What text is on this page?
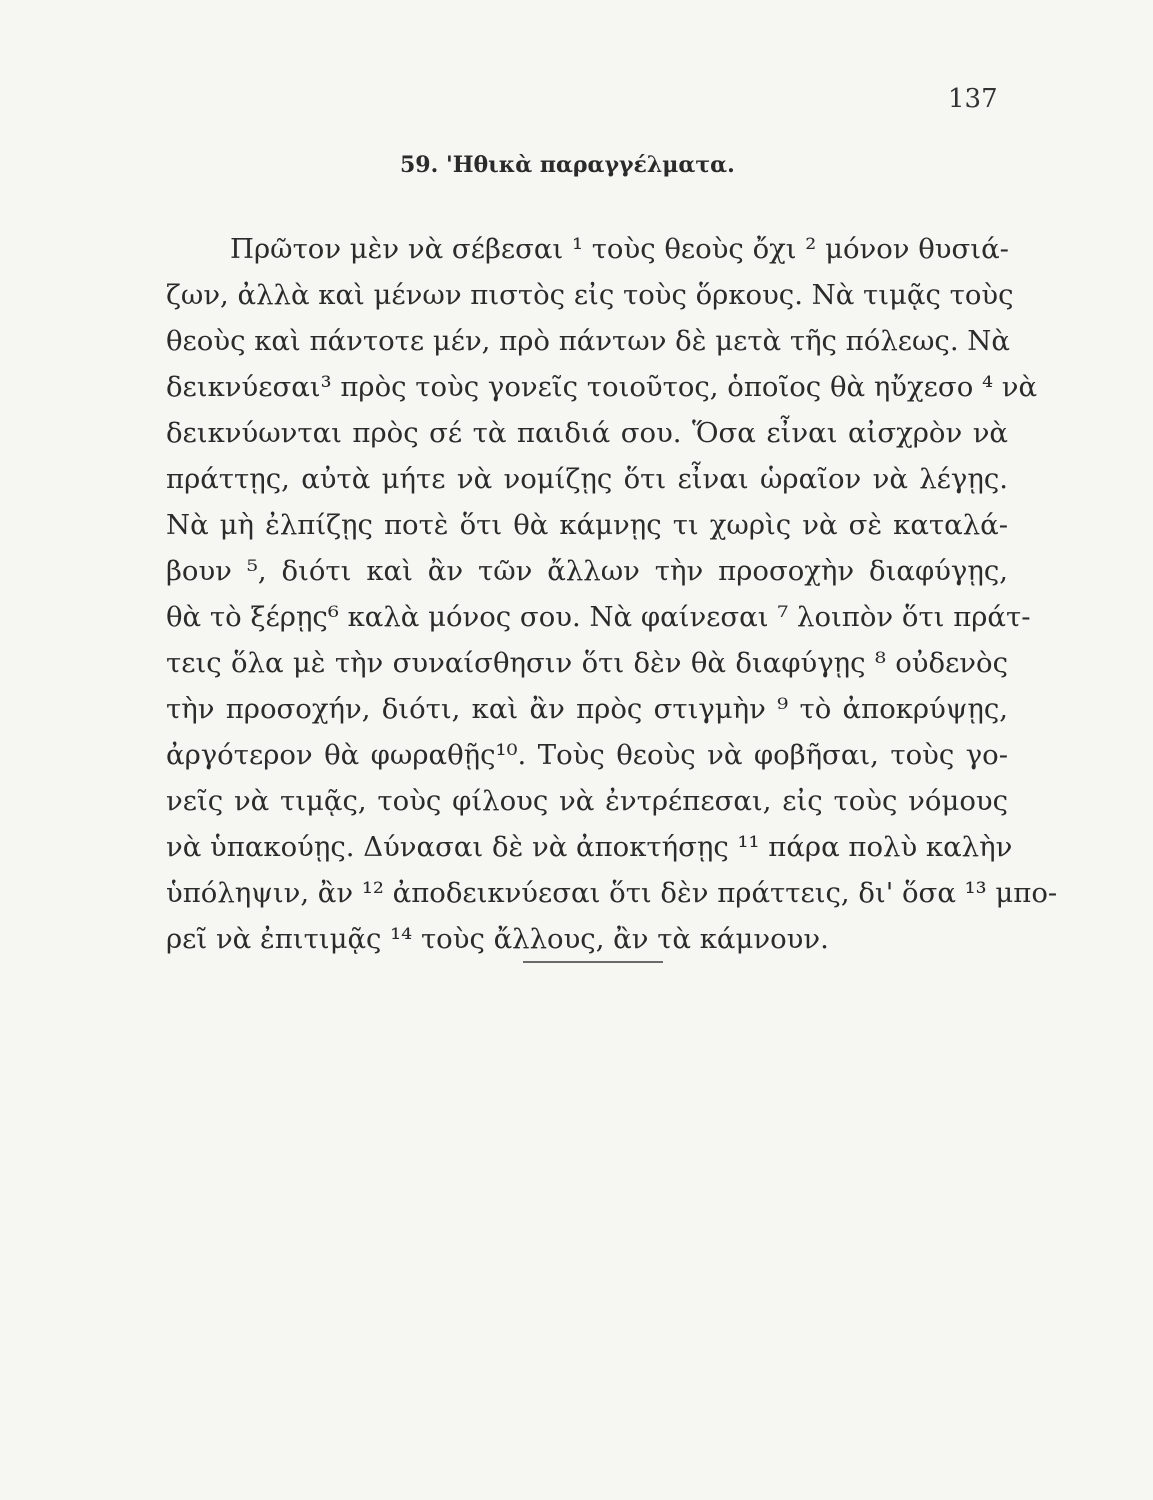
137
59. 'Ηθικὰ παραγγέλματα.
Πρῶτον μὲν νὰ σέβεσαι ¹ τοὺς θεοὺς ὄχι ² μόνον θυσιά-
ζων, ἀλλὰ καὶ μένων πιστὸς εἰς τοὺς ὅρκους. Νὰ τιμᾷς τοὺς
θεοὺς καὶ πάντοτε μέν, πρὸ πάντων δὲ μετὰ τῆς πόλεως. Νὰ
δεικνύεσαι³ πρὸς τοὺς γονεῖς τοιοῦτος, ὁποῖος θὰ ηὔχεσο ⁴ νὰ
δεικνύωνται πρὸς σέ τὰ παιδιά σου. Ὅσα εἶναι αἰσχρὸν νὰ
πράττῃς, αὐτὰ μήτε νὰ νομίζῃς ὅτι εἶναι ὡραῖον νὰ λέγῃς.
Νὰ μὴ ἐλπίζῃς ποτὲ ὅτι θὰ κάμνῃς τι χωρὶς νὰ σὲ καταλά-
βουν ⁵, διότι καὶ ἂν τῶν ἄλλων τὴν προσοχὴν διαφύγῃς,
θὰ τὸ ξέρῃς⁶ καλὰ μόνος σου. Νὰ φαίνεσαι ⁷ λοιπὸν ὅτι πράτ-
τεις ὅλα μὲ τὴν συναίσθησιν ὅτι δὲν θὰ διαφύγῃς ⁸ οὐδενὸς
τὴν προσοχήν, διότι, καὶ ἂν πρὸς στιγμὴν ⁹ τὸ ἀποκρύψῃς,
ἀργότερον θὰ φωραθῇς¹⁰. Τοὺς θεοὺς νὰ φοβῆσαι, τοὺς γο-
νεῖς νὰ τιμᾷς, τοὺς φίλους νὰ ἐντρέπεσαι, εἰς τοὺς νόμους
νὰ ὑπακούῃς. Δύνασαι δὲ νὰ ἀποκτήσῃς ¹¹ πάρα πολὺ καλὴν
ὑπόληψιν, ἂν ¹² ἀποδεικνύεσαι ὅτι δὲν πράττεις, δι' ὅσα ¹³ μπο-
ρεῖ νὰ ἐπιτιμᾷς ¹⁴ τοὺς ἄλλους, ἂν τὰ κάμνουν.
